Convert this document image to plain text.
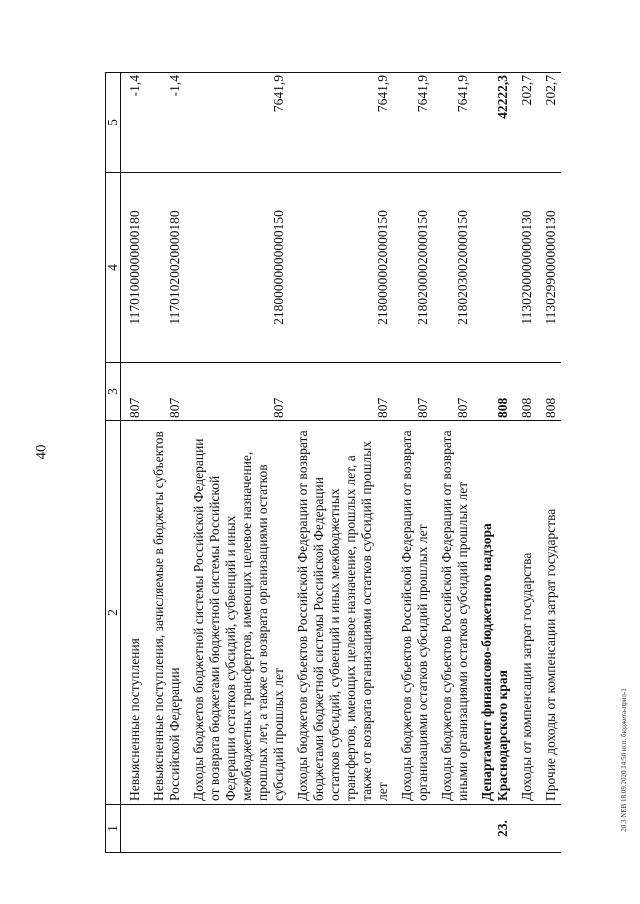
40
20.3 NEB 18.09.2020 14:50 исп. бюджета-прил-1
1	2	3	4	5
	Невыясненные поступления	807	11701000000000180	-1,4
	Невыясненные поступления, зачисляемые в бюджеты субъектов Российской Федерации	807	11701020020000180	-1,4
	Доходы бюджетов бюджетной системы Российской Федерации от возврата бюджетами бюджетной системы Российской Федерации остатков субсидий, субвенций и иных межбюджетных трансфертов, имеющих целевое назначение, прошлых лет, а также от возврата организациями остатков субсидий прошлых лет	807	21800000000000150	7641,9
	Доходы бюджетов субъектов Российской Федерации от возврата бюджетами бюджетной системы Российской Федерации остатков субсидий, субвенций и иных межбюджетных трансфертов, имеющих целевое назначение, прошлых лет, а также от возврата организациями остатков субсидий прошлых лет	807	21800000020000150	7641,9
	Доходы бюджетов субъектов Российской Федерации от возврата организациями остатков субсидий прошлых лет	807	21802000020000150	7641,9
	Доходы бюджетов субъектов Российской Федерации от возврата иными организациями остатков субсидий прошлых лет	807	21802030020000150	7641,9
23.	Департамент финансово-бюджетного надзора Краснодарского края	808		42222,3
	Доходы от компенсации затрат государства	808	11302000000000130	202,7
	Прочие доходы от компенсации затрат государства	808	11302990000000130	202,7
